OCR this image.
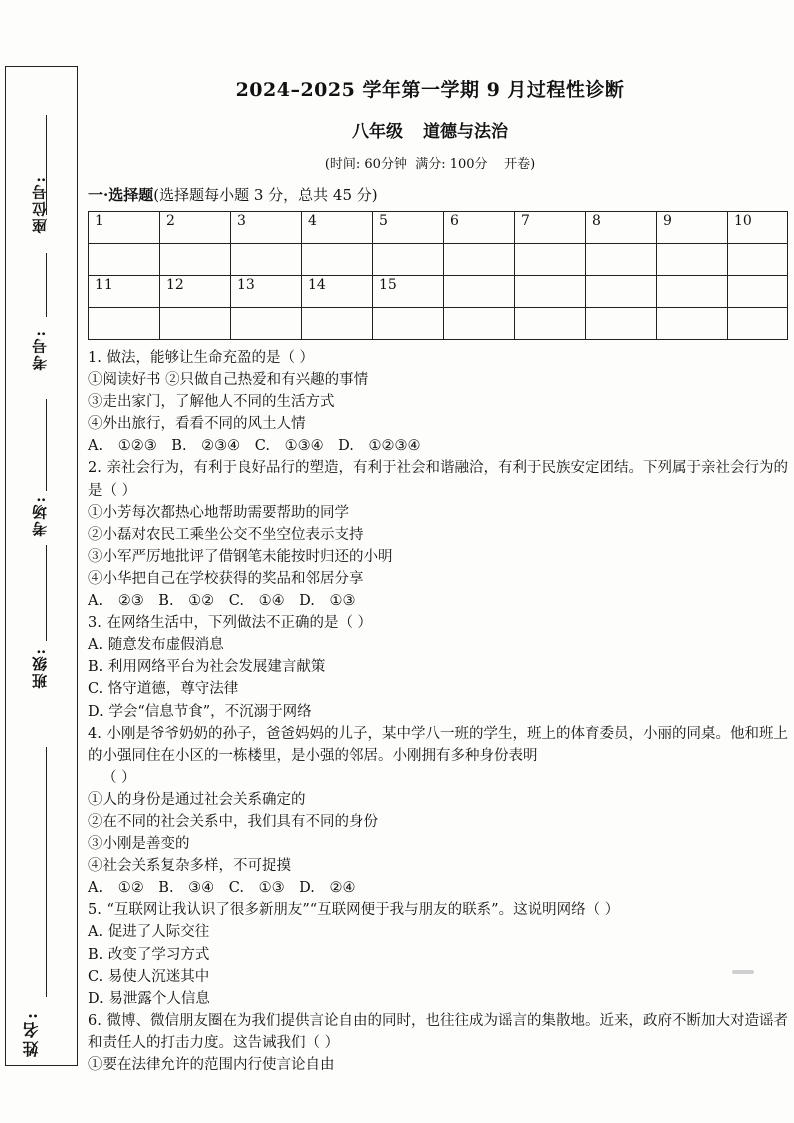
座位号:
考号:
考场:
班级:
姓名:
2024–2025 学年第一学期 9 月过程性诊断
八年级 道德与法治
(时间: 60分钟  满分: 100分    开卷)
一·选择题(选择题每小题 3 分，总共 45 分)
1	2	3	4	5	6	7	8	9	10

11	12	13	14	15					

1. 做法，能够让生命充盈的是（ ）
①阅读好书 ②只做自己热爱和有兴趣的事情
③走出家门，了解他人不同的生活方式
④外出旅行，看看不同的风土人情
A. ①②③ B. ②③④ C. ①③④ D. ①②③④
2. 亲社会行为，有利于良好品行的塑造，有利于社会和谐融洽，有利于民族安定团结。下列属于亲社会行为的是（ ）
①小芳每次都热心地帮助需要帮助的同学
②小磊对农民工乘坐公交不坐空位表示支持
③小军严厉地批评了借钢笔未能按时归还的小明
④小华把自己在学校获得的奖品和邻居分享
A. ②③ B. ①② C. ①④ D. ①③
3. 在网络生活中，下列做法不正确的是（ ）
A. 随意发布虚假消息
B. 利用网络平台为社会发展建言献策
C. 恪守道德，尊守法律
D. 学会“信息节食”，不沉溺于网络
4. 小刚是爷爷奶奶的孙子，爸爸妈妈的儿子，某中学八一班的学生，班上的体育委员，小丽的同桌。他和班上的小强同住在小区的一栋楼里，是小强的邻居。小刚拥有多种身份表明
（ ）
①人的身份是通过社会关系确定的
②在不同的社会关系中，我们具有不同的身份
③小刚是善变的
④社会关系复杂多样，不可捉摸
A. ①② B. ③④ C. ①③ D. ②④
5. “互联网让我认识了很多新朋友”“互联网便于我与朋友的联系”。这说明网络（ ）
A. 促进了人际交往
B. 改变了学习方式
C. 易使人沉迷其中
D. 易泄露个人信息
6. 微博、微信朋友圈在为我们提供言论自由的同时，也往往成为谣言的集散地。近来，政府不断加大对造谣者和责任人的打击力度。这告诫我们（ ）
①要在法律允许的范围内行使言论自由
